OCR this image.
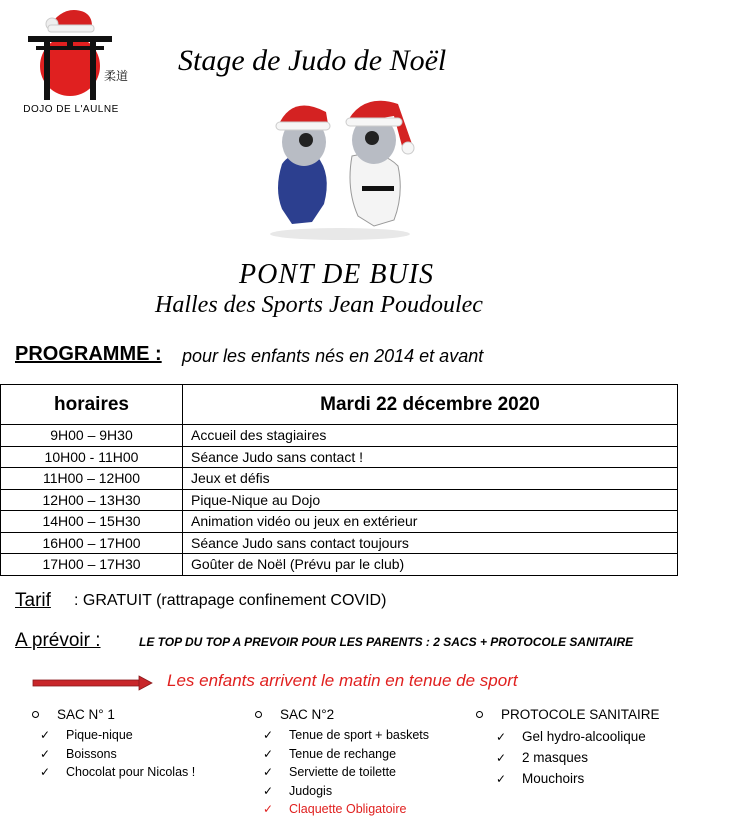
柔道
DOJO DE L'AULNE
Stage de Judo de Noël
PONT DE BUIS
Halles des Sports Jean Poudoulec
PROGRAMME : pour les enfants nés en 2014 et avant
horaires	Mardi 22 décembre 2020
9H00 – 9H30	Accueil des stagiaires
10H00 - 11H00	Séance Judo sans contact !
11H00 – 12H00	Jeux et défis
12H00 – 13H30	Pique-Nique au Dojo
14H00 – 15H30	Animation vidéo ou jeux en extérieur
16H00 – 17H00	Séance Judo sans contact toujours
17H00 – 17H30	Goûter de Noël (Prévu par le club)
Tarif : GRATUIT (rattrapage confinement COVID)
A prévoir :	LE TOP DU TOP A PREVOIR POUR LES PARENTS : 2 SACS + PROTOCOLE SANITAIRE
Les enfants arrivent le matin en tenue de sport
SAC N° 1
✓	Pique-nique
✓	Boissons
✓	Chocolat pour Nicolas !
SAC N°2
✓	Tenue de sport + baskets
✓	Tenue de rechange
✓	Serviette de toilette
✓	Judogis
✓	Claquette Obligatoire
PROTOCOLE SANITAIRE
✓ Gel hydro-alcoolique
✓ 2 masques
✓ Mouchoirs
